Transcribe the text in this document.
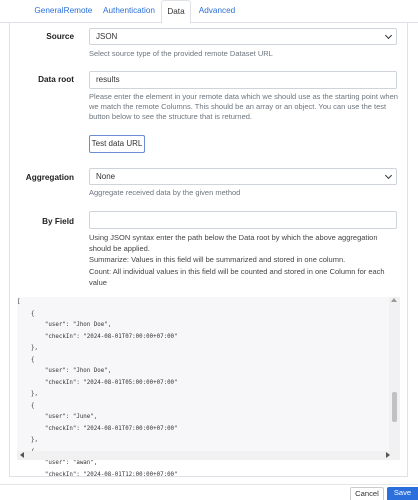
General Remote	Authentication	Data	Advanced
Source	JSON
Select source type of the provided remote Dataset URL
Data root	results
Please enter the element in your remote data which we should use as the starting point when we match the remote Columns. This should be an array or an object. You can use the test button below to see the structure that is returned.
Test data URL
Aggregation	None
Aggregate received data by the given method
By Field
Using JSON syntax enter the path below the Data root by which the above aggregation should be applied.
Summarize: Values in this field will be summarized and stored in one column.
Count: All individual values in this field will be counted and stored in one Column for each value
[
{
"user": "Jhon Doe",
"checkIn": "2024-08-01T07:00:00+07:00"
},
{
"user": "Jhon Doe",
"checkIn": "2024-08-01T05:00:00+07:00"
},
{
"user": "June",
"checkIn": "2024-08-01T07:00:00+07:00"
},
"user": "awan",
"checkIn": "2024-08-01T12:00:00+07:00"
Cancel	Save
